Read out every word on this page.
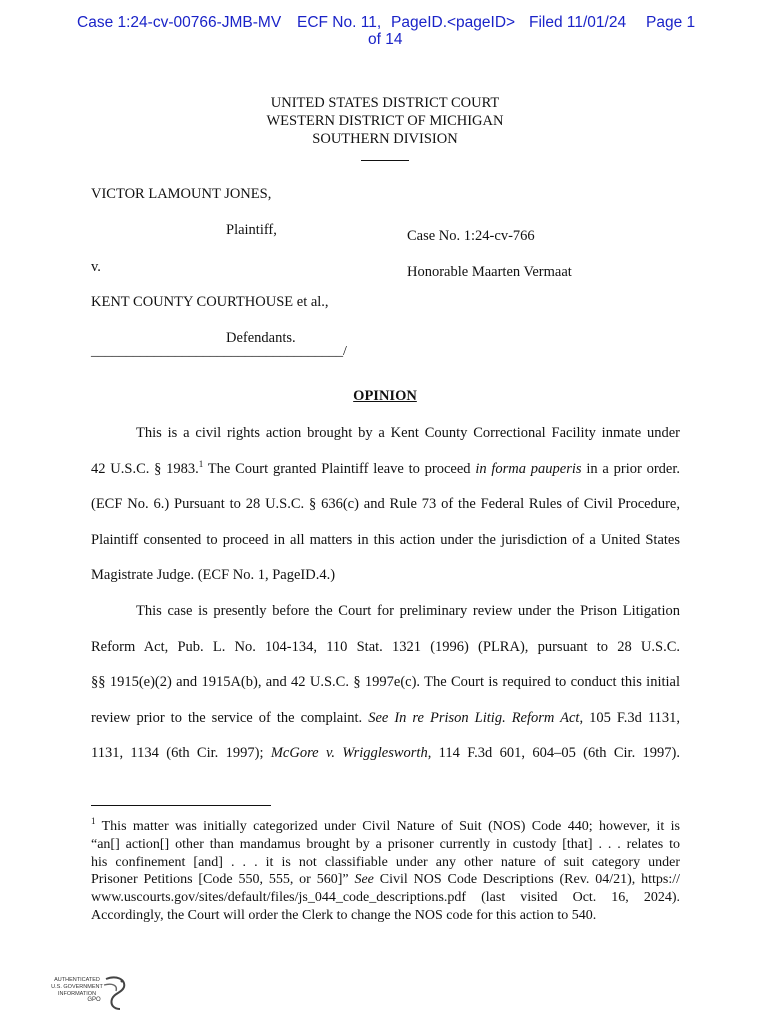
Case 1:24-cv-00766-JMB-MV ECF No. 11, PageID.<pageID>
of 14
Filed 11/01/24 Page 1
UNITED STATES DISTRICT COURT
WESTERN DISTRICT OF MICHIGAN
SOUTHERN DIVISION
VICTOR LAMOUNT JONES,
Plaintiff,	Case No. 1:24-cv-766
v.	Honorable Maarten Vermaat
KENT COUNTY COURTHOUSE et al.,
Defendants.
____________________________________/
OPINION
This is a civil rights action brought by a Kent County Correctional Facility inmate under
42 U.S.C. § 1983.$^1$ The Court granted Plaintiff leave to proceed in forma pauperis in a prior order.
(ECF No. 6.) Pursuant to 28 U.S.C. § 636(c) and Rule 73 of the Federal Rules of Civil Procedure,
Plaintiff consented to proceed in all matters in this action under the jurisdiction of a United States
Magistrate Judge. (ECF No. 1, PageID.4.)
This case is presently before the Court for preliminary review under the Prison Litigation
Reform Act, Pub. L. No. 104-134, 110 Stat. 1321 (1996) (PLRA), pursuant to 28 U.S.C.
§§ 1915(e)(2) and 1915A(b), and 42 U.S.C. § 1997e(c). The Court is required to conduct this initial
review prior to the service of the complaint. See In re Prison Litig. Reform Act, 105 F.3d 1131,
1131, 1134 (6th Cir. 1997); McGore v. Wrigglesworth, 114 F.3d 601, 604–05 (6th Cir. 1997).
$^1$ This matter was initially categorized under Civil Nature of Suit (NOS) Code 440; however, it is
“an[] action[] other than mandamus brought by a prisoner currently in custody [that] . . . relates to
his confinement [and] . . . it is not classifiable under any other nature of suit category under
Prisoner Petitions [Code 550, 555, or 560]” See Civil NOS Code Descriptions (Rev. 04/21), https://
www.uscourts.gov/sites/default/files/js_044_code_descriptions.pdf (last visited Oct. 16, 2024).
Accordingly, the Court will order the Clerk to change the NOS code for this action to 540.
AUTHENTICATED
U.S. GOVERNMENT
INFORMATION
GPO
